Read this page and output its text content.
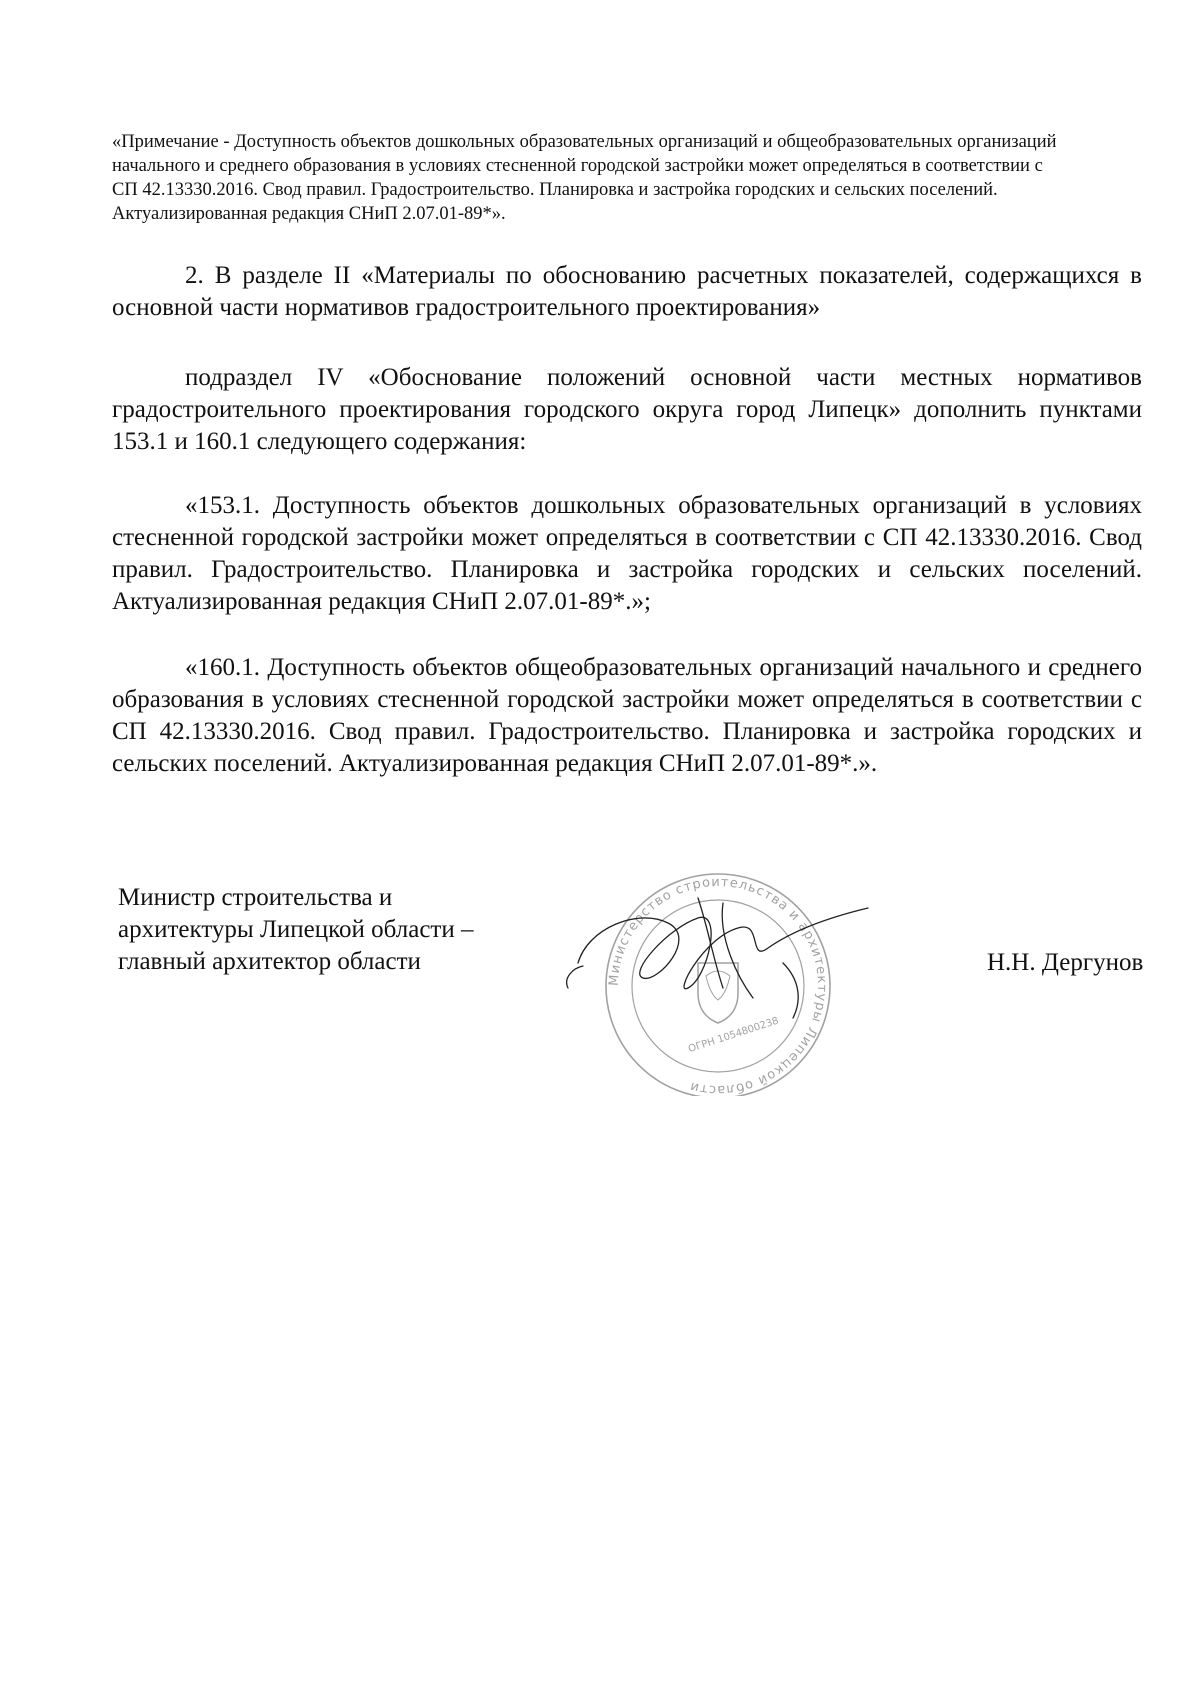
«Примечание - Доступность объектов дошкольных образовательных организаций и общеобразовательных организаций
начального и среднего образования в условиях стесненной городской застройки может определяться в соответствии с
СП 42.13330.2016. Свод правил. Градостроительство. Планировка и застройка городских и сельских поселений.
Актуализированная редакция СНиП 2.07.01-89*».

2. В разделе II «Материалы по обоснованию расчетных показателей, содержащихся в основной части нормативов градостроительного проектирования»

подраздел IV «Обоснование положений основной части местных нормативов градостроительного проектирования городского округа город Липецк» дополнить пунктами 153.1 и 160.1 следующего содержания:

«153.1. Доступность объектов дошкольных образовательных организаций в условиях стесненной городской застройки может определяться в соответствии с СП 42.13330.2016. Свод правил. Градостроительство. Планировка и застройка городских и сельских поселений. Актуализированная редакция СНиП 2.07.01-89*.»;

«160.1. Доступность объектов общеобразовательных организаций начального и среднего образования в условиях стесненной городской застройки может определяться в соответствии с СП 42.13330.2016. Свод правил. Градостроительство. Планировка и застройка городских и сельских поселений. Актуализированная редакция СНиП 2.07.01-89*.».

Министр строительства и
архитектуры Липецкой области –
главный архитектор области
Министерство строительства и архитектуры Липецкой области
ОГРН 1054800238
Н.Н. Дергунов
